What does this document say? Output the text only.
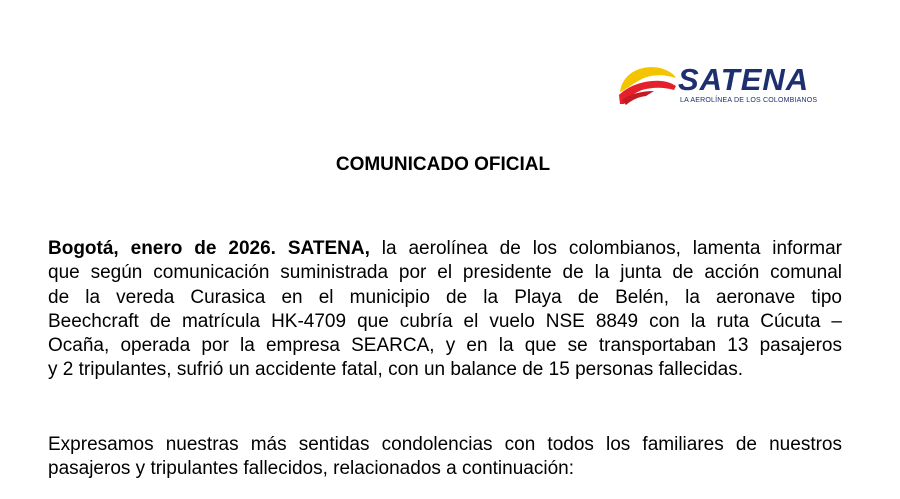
SATENA
LA AEROLÍNEA DE LOS COLOMBIANOS
COMUNICADO OFICIAL
Bogotá, enero de 2026. SATENA, la aerolínea de los colombianos, lamenta informar
que según comunicación suministrada por el presidente de la junta de acción comunal
de la vereda Curasica en el municipio de la Playa de Belén, la aeronave tipo
Beechcraft de matrícula HK-4709 que cubría el vuelo NSE 8849 con la ruta Cúcuta –
Ocaña, operada por la empresa SEARCA, y en la que se transportaban 13 pasajeros
y 2 tripulantes, sufrió un accidente fatal, con un balance de 15 personas fallecidas.
Expresamos nuestras más sentidas condolencias con todos los familiares de nuestros
pasajeros y tripulantes fallecidos, relacionados a continuación:
